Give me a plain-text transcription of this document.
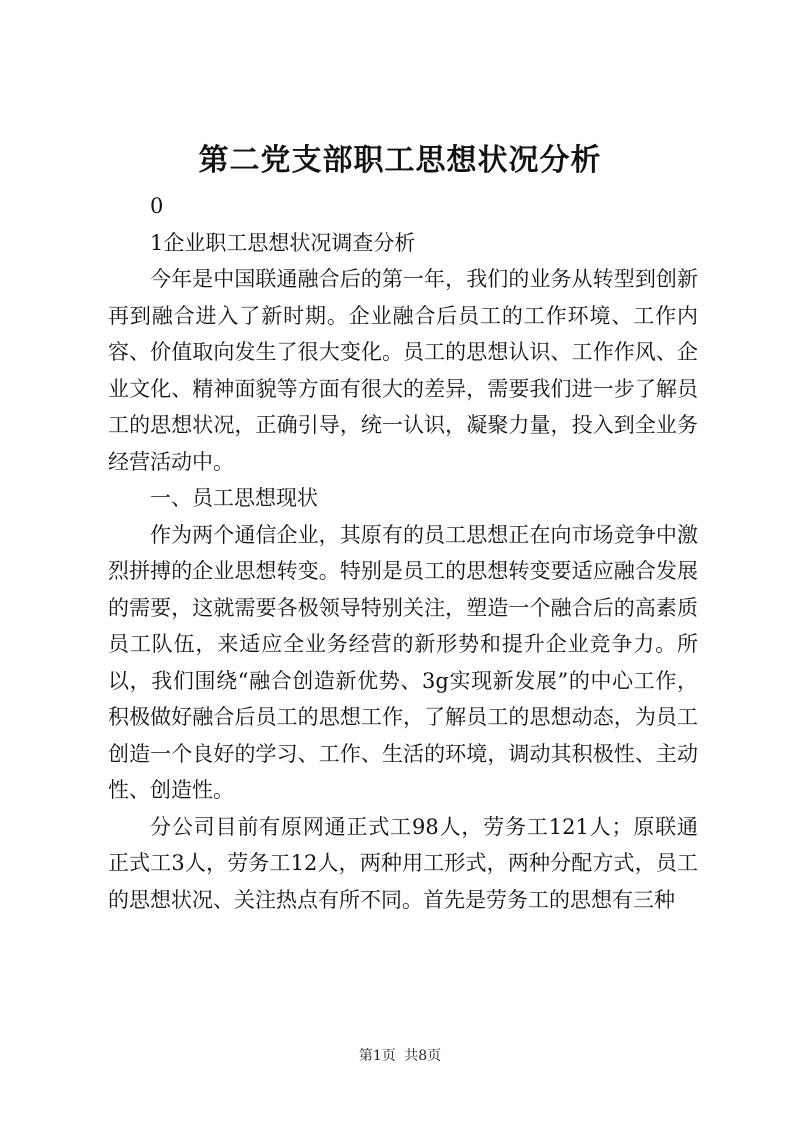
第二党支部职工思想状况分析

0

1企业职工思想状况调查分析

今年是中国联通融合后的第一年，我们的业务从转型到创新再到融合进入了新时期。企业融合后员工的工作环境、工作内容、价值取向发生了很大变化。员工的思想认识、工作作风、企业文化、精神面貌等方面有很大的差异，需要我们进一步了解员工的思想状况，正确引导，统一认识，凝聚力量，投入到全业务经营活动中。

一、员工思想现状

作为两个通信企业，其原有的员工思想正在向市场竞争中激烈拼搏的企业思想转变。特别是员工的思想转变要适应融合发展的需要，这就需要各极领导特别关注，塑造一个融合后的高素质员工队伍，来适应全业务经营的新形势和提升企业竞争力。所以，我们围绕“融合创造新优势、3g实现新发展”的中心工作，积极做好融合后员工的思想工作，了解员工的思想动态，为员工创造一个良好的学习、工作、生活的环境，调动其积极性、主动性、创造性。

分公司目前有原网通正式工98人，劳务工121人；原联通正式工3人，劳务工12人，两种用工形式，两种分配方式，员工的思想状况、关注热点有所不同。首先是劳务工的思想有三种

第1页 共8页
